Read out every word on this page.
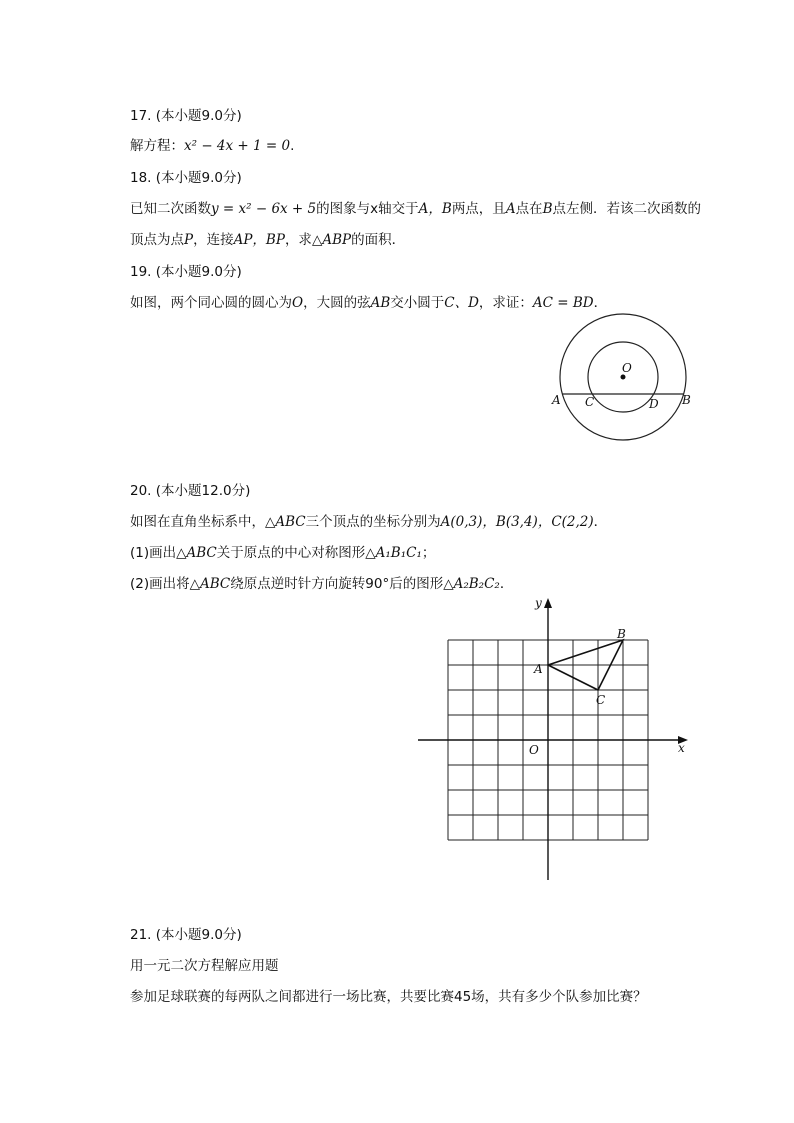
17. (本小题9.0分)
解方程：x² − 4x + 1 = 0.
18. (本小题9.0分)
已知二次函数y = x² − 6x + 5的图象与x轴交于A，B两点，且A点在B点左侧．若该二次函数的
顶点为点P，连接AP，BP，求△ABP的面积．
19. (本小题9.0分)
如图，两个同心圆的圆心为O，大圆的弦AB交小圆于C、D，求证：AC = BD．
O
A	B
C	D
20. (本小题12.0分)
如图在直角坐标系中，△ABC三个顶点的坐标分别为A(0,3)，B(3,4)，C(2,2)．
(1)画出△ABC关于原点的中心对称图形△A₁B₁C₁；
(2)画出将△ABC绕原点逆时针方向旋转90°后的图形△A₂B₂C₂．
x
y
O
A
B
C
21. (本小题9.0分)
用一元二次方程解应用题
参加足球联赛的每两队之间都进行一场比赛，共要比赛45场，共有多少个队参加比赛？
